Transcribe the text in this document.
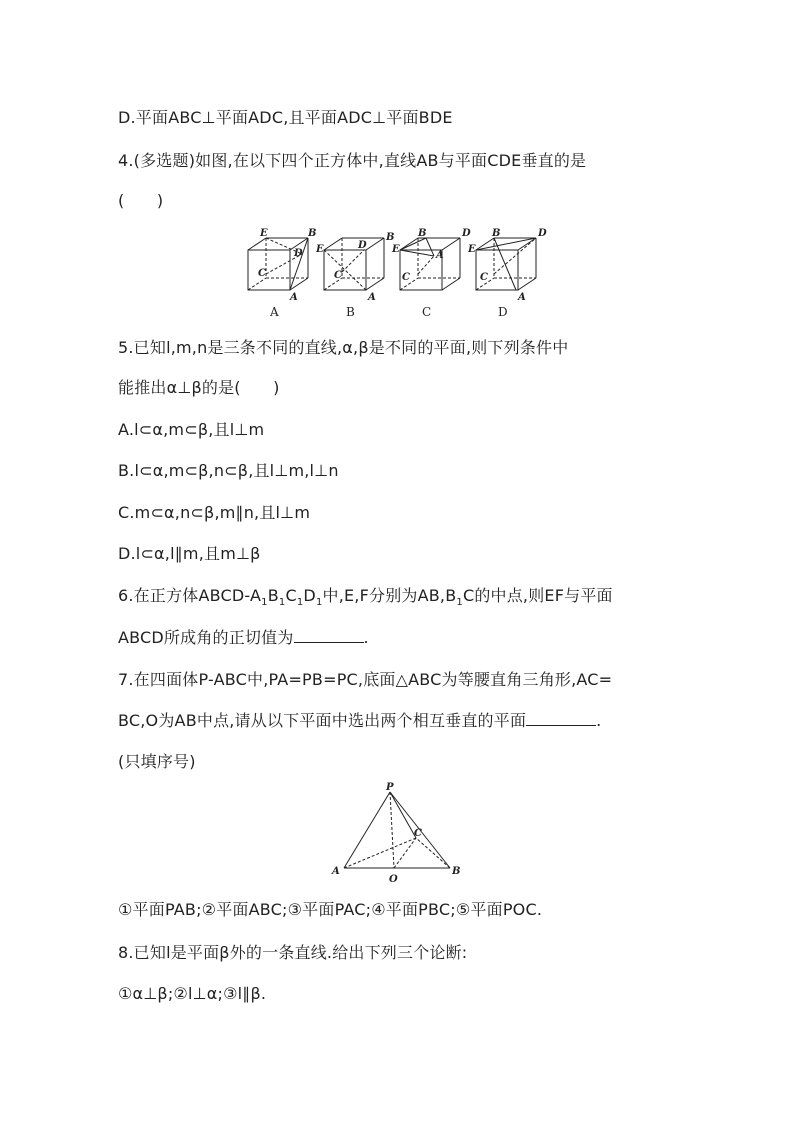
D.平面ABC⊥平面ADC,且平面ADC⊥平面BDE
4.(多选题)如图,在以下四个正方体中,直线AB与平面CDE垂直的是
(　　)
E	B
D
C
A
E
B
D
C
A
E
B	D
C
A
E
B	D
C
A
A	B	C	D
5.已知l,m,n是三条不同的直线,α,β是不同的平面,则下列条件中
能推出α⊥β的是(　　)
A.l⊂α,m⊂β,且l⊥m
B.l⊂α,m⊂β,n⊂β,且l⊥m,l⊥n
C.m⊂α,n⊂β,m∥n,且l⊥m
D.l⊂α,l∥m,且m⊥β
6.在正方体ABCD-$A_1B_1C_1D_1$中,E,F分别为$AB,B_1C$的中点,则EF与平面
ABCD所成角的正切值为	.
7.在四面体P-ABC中,PA=PB=PC,底面△ABC为等腰直角三角形,AC=
BC,O为AB中点,请从以下平面中选出两个相互垂直的平面	.
(只填序号)
P
A	B
C
O
①平面PAB;②平面ABC;③平面PAC;④平面PBC;⑤平面POC.
8.已知l是平面β外的一条直线.给出下列三个论断:
①α⊥β;②l⊥α;③l∥β.
